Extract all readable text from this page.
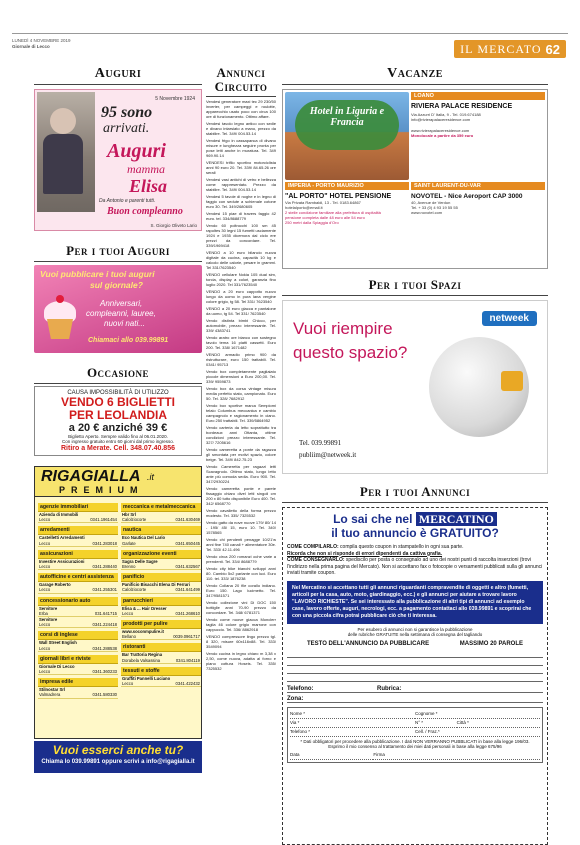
LUNEDÌ 4 NOVEMBRE 2019
Giornale di Lecco	IL MERCATO 62
Auguri
5 Novembre 1924
95 sono
arrivati.
Auguri
mamma
Elisa
Da Antonio e parenti tutti.
Buon compleanno
S. Giorgio Oliveto Lario
Per i tuoi Auguri
Vuoi pubblicare i tuoi auguri
sul giornale?
Anniversari,
compleanni, lauree,
nuovi nati...
Chiamaci allo 039.99891
Occasione
CAUSA IMPOSSIBILITÀ DI UTILIZZO
VENDO 6 BIGLIETTI
PER LEOLANDIA
a 20 € anziché 39 €
Biglietto Aperto. Sempre valido fino al 06.01.2020.
Con ingresso gratuito entro 60 giorni dal primo ingresso.
Ritiro a Merate. Cell. 348.07.40.856
RIGAGIALLA .it
PREMIUM
agenzie immobiliari
Azienda di Immobili
Lecco	0341.1961454
arredamenti
Castelletti Arredamenti
Lecco	0341.283018
assicurazioni
Investire Assicurazioni
Lecco	0341.288440
autofficine e centri assistenza
Garage Roberto
Lecco	0341.255301
concessionario auto
Servitore
Erba	031.641715
Servitore
Lecco	0341.224418
corsi di inglese
Wall Street English
Lecco	0341.288538
giornali libri e riviste
Giornale Di Lecco
Lecco	0341.360233
impresa edile
Stilnostar Srl
Valmadrera	0341.580330
meccanica e metalmeccanica
Hbr Srl
Calolziocorte	0341.630469
nautica
Eco Nautica Del Lario
Garlate	0341.650445
organizzazione eventi
Sagra Delle Sagre
Brenno	0341.632567
panificio
Panificio Bisacchi Elena Di Ferrari
Calolziocorte	0341.641499
parrucchieri
Elisa & ... Hair Dresser
Lecco	0341.268610
prodotti per pulire
www.soconmpulire.it
Bellano	0039.0961717
ristoranti
Bar Trattoria Regina
Dorabela Valsassina	0341.804119
tessuti e stoffe
Graffiti Pannelli Luciano
Lecco	0341.422432
Vuoi esserci anche tu?
Chiama lo 039.99891 oppure scrivi a info@rigagialla.it
Annunci Circuito

Vendesi generatore maxi tec 29 230/50 inverter, per campeggi e roulotte, apparecchio usato poco con circa 100 ore di funzionamento. Ottimo affare.

Vendesi tavolo legno antico con sedie e divano intarsiato a mano, prezzo da stabilire. Tel. 349/ 004.53.14

Vendesi frigo in cassapanca di divano misure e lunghezza seguire pronta per pose letti anche in muratura. Tel. 349 969.90.14

VENDESI trifilo sportivo motorciclista anni 90 euro 20. Tel. 339/ 84.65.26 ore serali

Vendesi vasi antichi di vetro e bellezza come rappresentato. Prezzo da stabilire. Tel. 349/ 004.53.14

Vendesi 5 tavole di noghe e in legno di faggio con sedute a schienale cotone euro 30. Tel. 349/2680605

Vendesi 15 piae di travers faggio 42 euro. tel. 334/8688779

Vendo 60 poltrocchi 100 sm 45 rapoltes 30 legni 15 fumetti usciamente 1924 e 1935 dicemora dal ciclo ere prezzi da concordare. Tel. 339/1969418

VENDO a 10 euro bilancio nuova digitale da cucina, capacità 10 kg e calcolo delle calorie, pesare in grammi. Tel 331/7623540

VENDO cellulare Nokia 105 dual sim, torcia, display a colori, garanzia fino luglio 2020. Tel 331/7623540

VENDO a 20 euro cappotto nuovo lungo da uomo in pura lana vergine colore grigio, tg 58. Tel 331/ 7623540

VENDO a 20 euro giacca e pantalone da uomo, tg 54. Tel 331/ 7623540

Vendo distinta bimbi Chicco, per automobile, prezzo interessante. Tel. 339/ 4383741

Vendo aratro ore bianco con sostegno tavolo tema 16 piatti cassetti. Euro 200. Tel. 338/ 1671482

VENDO armadio primo 900 da ristrutturare, euro 150 trattabili. Tel. 0341/ 95713

Vendo box completamente pagliaiato piccole dimensioni a Euro 200,00. Tel. 339/ 9559873

Vendo box da corsa vintage misura media perfetto stato, campionato. Euro 50. Tel. 328/ 7682912

Vendo box sportive marca Sempiomi telaio Columbus meccanica e cambio campagnolo e ragionamento in ciano. Euro 250 trattabili. Tel. 339/5864952

Vendo carteria da letto soprattutto tra bordeaux anni Ottanta, ottime condizioni prezzo interessante. Tel. 327/ 7205616

Vendo cameretta a ponte da ragazza gli smontata per motivi spazio, colore beige. Tel. 349/ 842.75.23

Vendo Cameretta per ragazzi letti Scavagnolo. Ottimo stato, lungo letto ante più comoda sedia. Euro 900. Tel. 347/2930224

Vendo cameretta ponte e parete fissaggio chiaro divel letti singoli cm 200 x 80 tutto disponibile Euro 400. Tel. 342/ 6568770

Vendo cavalletto della forma prezzo modesto. Tel. 335/ 7325532

Vendo gatto da nove nuove 179/ 80/ 14 - 195/ 45/ 15, euro 10. Tel. 340/ 1578565

Vendo chi pendenti penagge 10/21'w anni fine 740 canali + alimentatore 30e. Tel. 333/ 42.11.496

Vendo circa 200 romanzi oche varie a prendenti. Tel. 334/ 8688779

Vendo city bike bianchi sviluppi anni 80. Cambio 5x2 parlante con luci. Euro 110. tel. 333/ 1876238

Vendo Collana 20 file corallo indiano. Euro 150. Lago lucimetto. Tel. 347/9581571

Vendo collezione vini Di DOC 150 bottiglie anni 70-90 prezzo da concordare. Tel. 348/ 6781371

Vendo come nuove giacca Monclerr taglia 46 colore grigio marrone con cappuccio. Tel. 336/ 8862918

VENDO compressore lingo prezzo tgl. 8 320, misure 60x116x88. Tel. 333/ 3549094

Vendo cucina in legno chiaro m 3,38 x 2,50, come nuova, adatta al forno e piano cottura Hoseis. Tel. 335/ 7325532

Vacanze
Hotel in Liguria e Francia
LOANO
RIVIERA PALACE RESIDENCE
Via Azzurri D' Italia, 9 - Tel. 019.674188
info@rivierapalaceresidence.com
www.rivierapalaceresidence.com
Monolocale a partire da 359 euro
IMPERIA - PORTO MAURIZIO
"AL PORTO" HOTEL PENSIONE
Via Privata Rambaldi, 13 - Tel. 0183.64867
hotelalporto@email.it
2 stelle condizione familiare alla prefettura di ospitalità
pensione completa dalle 48 euro alle 54 euro
250 metri dalla Spiaggia d'Oro
SAINT LAURENT-DU-VAR
NOVOTEL - Nice Aeroport CAP 3000
40, Avenue de Verdun
Tel. + 33 (0) 4 93 19 55 55
www.novotel.com
Per i tuoi Spazi
Vuoi riempire
questo spazio?
netweek
Tel. 039.99891
publiim@netweek.it
Per i tuoi Annunci
Lo sai che nel MERCATINO
il tuo annuncio è GRATUITO?
COME COMPILARLO: compila questo coupon in stampatello in ogni sua parte.
Ricorda che non si risponde di errori dipendenti da cattiva grafia.
COME CONSEGNARLO: spediscilo per posta o consegnalo ad uno dei nostri punti di raccolta inserzioni (trovi l'indirizzo nella prima pagina del Mercato). Non si accettano fax o fotocopie o versamenti pubblicati sulla gli annunci inviati tramite coupon.
Nel Mercatino si accettano tutti gli annunci riguardanti compravendite di oggetti e altro (fumetti, articoli per la casa, auto, moto, giardinaggio, ecc.) e gli annunci per aiutare a trovare lavoro "LAVORO RICHIESTE". Se sei interessato alla pubblicazione di altri tipi di annunci ad esempio case, lavoro offerte, auguri, necrologi, ecc. a pagamento contattaci allo 039.99891 e scoprirai che con una piccola cifra potrai pubblicare ciò che ti interessa.
Per esubero di annunci non si garantisce la pubblicazione
delle rubriche GRATUITE nella settimana di consegna del tagliando
TESTO DELL'ANNUNCIO DA PUBBLICARE	MASSIMO 20 PAROLE
Telefono:	Rubrica:
Zona:
Nome *	Cognome *
Via *	N° *	Città *
Telefono *	Cell. / Fraz.*
* Dati obbligatori per procedere alla pubblicazione. I dati NON VERRANNO PUBBLICATI in base alla legge 196/03.
Esprimo il mio consenso al trattamento dei miei dati personali in base alla legge 675/96
Data	Firma
